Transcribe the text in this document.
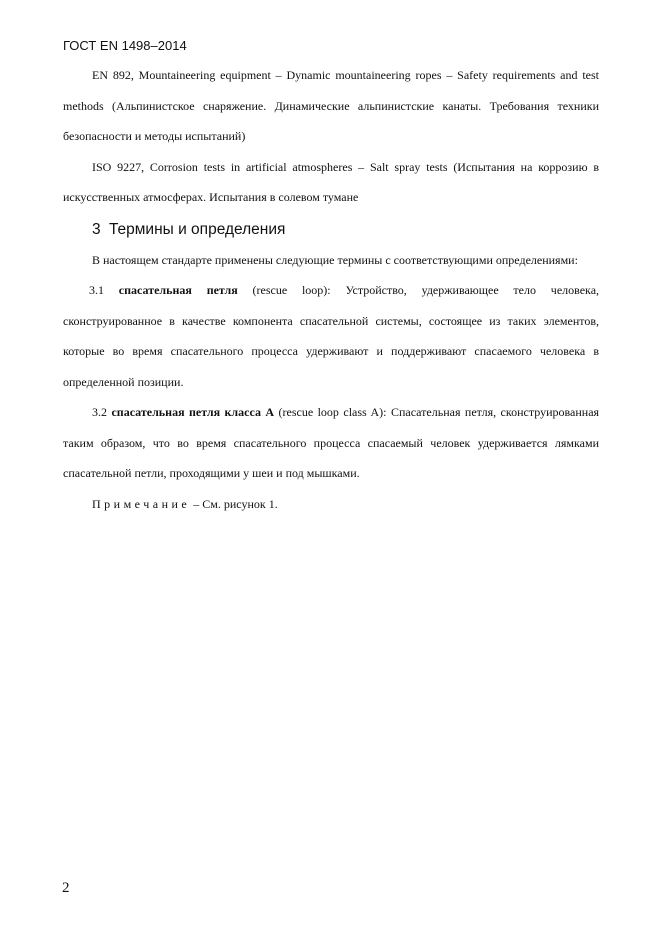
ГОСТ EN 1498–2014

EN 892, Mountaineering equipment – Dynamic mountaineering ropes – Safety requirements and test methods (Альпинистское снаряжение. Динамические альпинистские канаты. Требования техники безопасности и методы испытаний)

ISO 9227, Corrosion tests in artificial atmospheres – Salt spray tests (Испытания на коррозию в искусственных атмосферах. Испытания в солевом тумане

3 Термины и определения

В настоящем стандарте применены следующие термины с соответствующими определениями:

3.1 спасательная петля (rescue loop): Устройство, удерживающее тело человека, сконструированное в качестве компонента спасательной системы, состоящее из таких элементов, которые во время спасательного процесса удерживают и поддерживают спасаемого человека в определенной позиции.

3.2 спасательная петля класса А (rescue loop class A): Спасательная петля, сконструированная таким образом, что во время спасательного процесса спасаемый человек удерживается лямками спасательной петли, проходящими у шеи и под мышками.

Примечание – См. рисунок 1.

2
